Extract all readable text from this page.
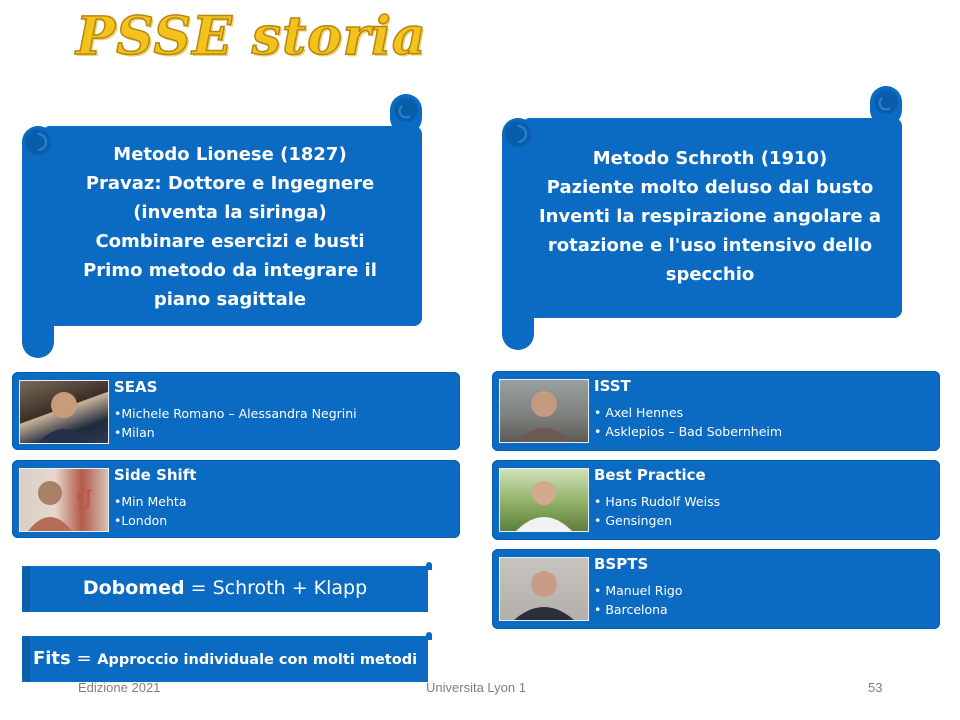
PSSE storia
Metodo Lionese (1827)
Pravaz: Dottore e Ingegnere
(inventa la siringa)
Combinare esercizi e busti
Primo metodo da integrare il
piano sagittale
Metodo Schroth (1910)
Paziente molto deluso dal busto
Inventi la respirazione angolare a
rotazione e l'uso intensivo dello
specchio
SEAS
•Michele Romano – Alessandra Negrini
•Milan
g
Side Shift
•Min Mehta
•London
ISST
• Axel Hennes
• Asklepios – Bad Sobernheim
Best Practice
• Hans Rudolf Weiss
• Gensingen
BSPTS
• Manuel Rigo
• Barcelona
Dobomed = Schroth + Klapp
Fits = Approccio individuale con molti metodi
Edizione 2021	Universita Lyon 1	53
